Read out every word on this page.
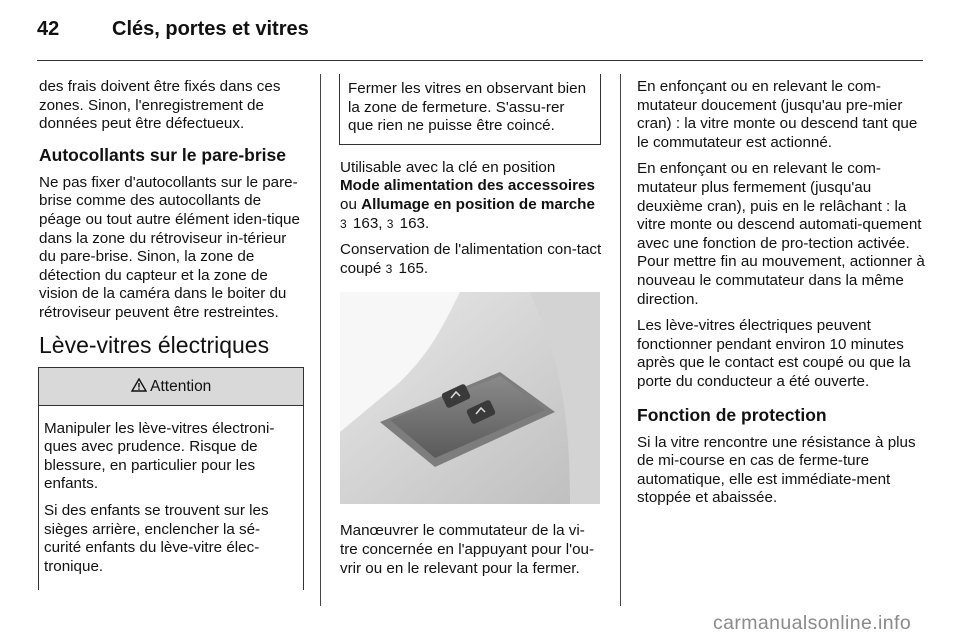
42	Clés, portes et vitres

des frais doivent être fixés dans ces zones. Sinon, l'enregistrement de données peut être défectueux.

Autocollants sur le pare-brise

Ne pas fixer d'autocollants sur le pare-brise comme des autocollants de péage ou tout autre élément iden-tique dans la zone du rétroviseur in-térieur du pare-brise. Sinon, la zone de détection du capteur et la zone de vision de la caméra dans le boiter du rétroviseur peuvent être restreintes.

Lève-vitres électriques

Attention

Manipuler les lève-vitres électroni-ques avec prudence. Risque de blessure, en particulier pour les enfants.

Si des enfants se trouvent sur les sièges arrière, enclencher la sé-curité enfants du lève-vitre élec-tronique.

Fermer les vitres en observant bien la zone de fermeture. S'assu-rer que rien ne puisse être coincé.

Utilisable avec la clé en position
Mode alimentation des accessoires
ou Allumage en position de marche
3 163, 3 163.

Conservation de l'alimentation con-tact coupé 3 165.

Manœuvrer le commutateur de la vi-tre concernée en l'appuyant pour l'ou-vrir ou en le relevant pour la fermer.

En enfonçant ou en relevant le com-mutateur doucement (jusqu'au pre-mier cran) : la vitre monte ou descend tant que le commutateur est actionné.

En enfonçant ou en relevant le com-mutateur plus fermement (jusqu'au deuxième cran), puis en le relâchant : la vitre monte ou descend automati-quement avec une fonction de pro-tection activée. Pour mettre fin au mouvement, actionner à nouveau le commutateur dans la même direction.

Les lève-vitres électriques peuvent fonctionner pendant environ 10 minutes après que le contact est coupé ou que la porte du conducteur a été ouverte.

Fonction de protection

Si la vitre rencontre une résistance à plus de mi-course en cas de ferme-ture automatique, elle est immédiate-ment stoppée et abaissée.

carmanualsonline.info
